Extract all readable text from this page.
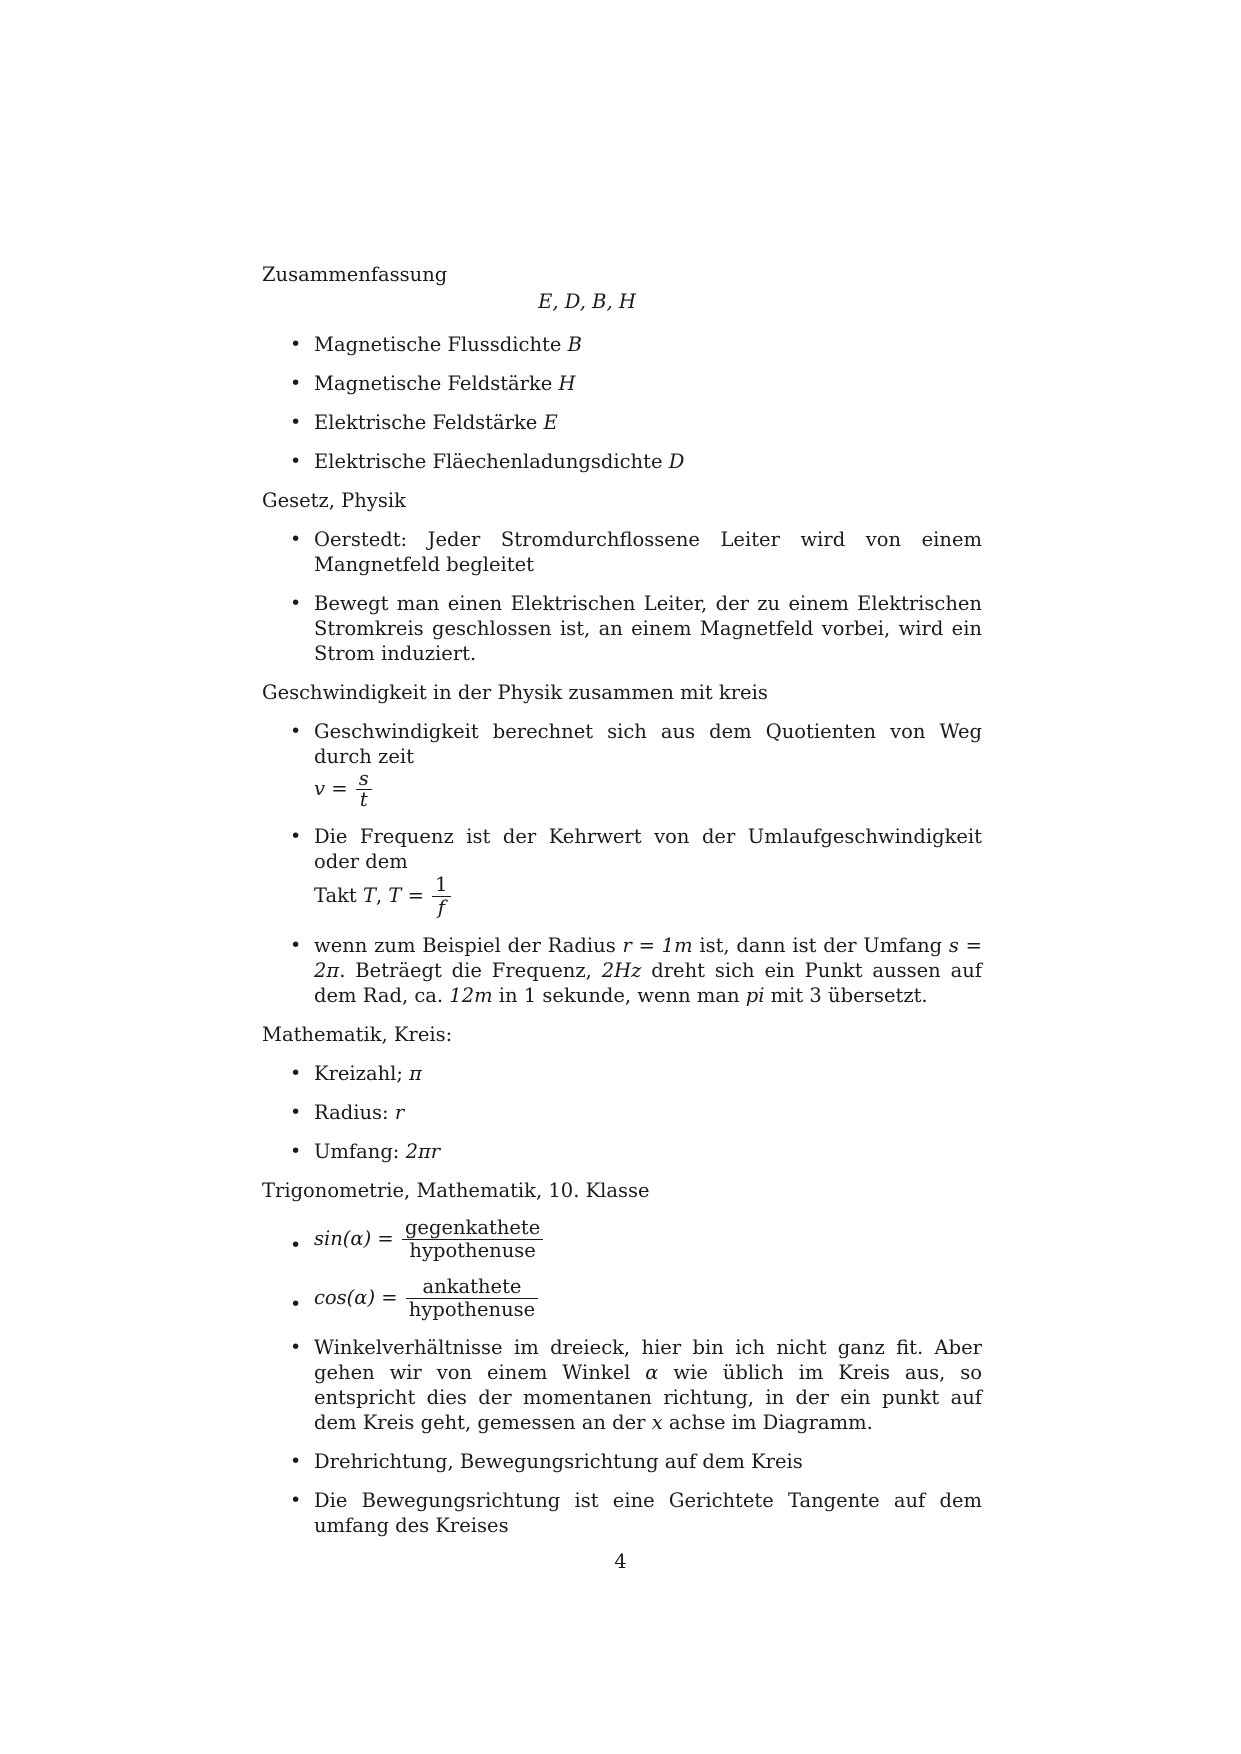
Zusammenfassung

E, D, B, H

• Magnetische Flussdichte B
• Magnetische Feldstärke H
• Elektrische Feldstärke E
• Elektrische Fläechenladungsdichte D

Gesetz, Physik

• Oerstedt: Jeder Stromdurchflossene Leiter wird von einem Mangnetfeld begleitet
• Bewegt man einen Elektrischen Leiter, der zu einem Elektrischen Stromkreis geschlossen ist, an einem Magnetfeld vorbei, wird ein Strom induziert.

Geschwindigkeit in der Physik zusammen mit kreis

• Geschwindigkeit berechnet sich aus dem Quotienten von Weg durch zeit
$v = \frac{s}{t}$
• Die Frequenz ist der Kehrwert von der Umlaufgeschwindigkeit oder dem
Takt T, $T = \frac{1}{f}$
• wenn zum Beispiel der Radius r = 1m ist, dann ist der Umfang s = 2π. Beträegt die Frequenz, 2Hz dreht sich ein Punkt aussen auf dem Rad, ca. 12m in 1 sekunde, wenn man pi mit 3 übersetzt.

Mathematik, Kreis:

• Kreizahl; π
• Radius: r
• Umfang: 2πr

Trigonometrie, Mathematik, 10. Klasse

• $\sin(\alpha) = \frac{\text{gegenkathete}}{\text{hypothenuse}}$
• $\cos(\alpha) = \frac{\text{ankathete}}{\text{hypothenuse}}$
• Winkelverhältnisse im dreieck, hier bin ich nicht ganz fit. Aber gehen wir von einem Winkel α wie üblich im Kreis aus, so entspricht dies der momentanen richtung, in der ein punkt auf dem Kreis geht, gemessen an der x achse im Diagramm.
• Drehrichtung, Bewegungsrichtung auf dem Kreis
• Die Bewegungsrichtung ist eine Gerichtete Tangente auf dem umfang des Kreises
4
